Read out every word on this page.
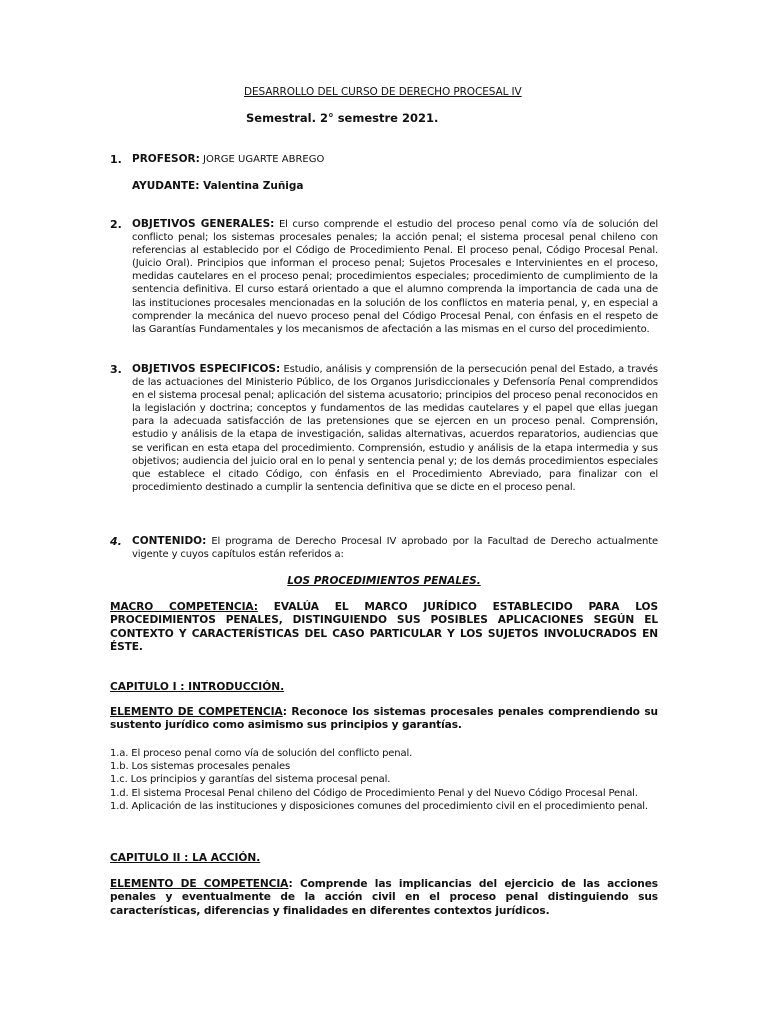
DESARROLLO DEL CURSO DE DERECHO PROCESAL IV
Semestral. 2° semestre 2021.
1. PROFESOR: JORGE UGARTE ABREGO
AYUDANTE: Valentina Zuñiga
2. OBJETIVOS GENERALES: El curso comprende el estudio del proceso penal como vía de solución del conflicto penal; los sistemas procesales penales; la acción penal; el sistema procesal penal chileno con referencias al establecido por el Código de Procedimiento Penal. El proceso penal, Código Procesal Penal. (Juicio Oral). Principios que informan el proceso penal; Sujetos Procesales e Intervinientes en el proceso, medidas cautelares en el proceso penal; procedimientos especiales; procedimiento de cumplimiento de la sentencia definitiva. El curso estará orientado a que el alumno comprenda la importancia de cada una de las instituciones procesales mencionadas en la solución de los conflictos en materia penal, y, en especial a comprender la mecánica del nuevo proceso penal del Código Procesal Penal, con énfasis en el respeto de las Garantías Fundamentales y los mecanismos de afectación a las mismas en el curso del procedimiento.
3. OBJETIVOS ESPECIFICOS: Estudio, análisis y comprensión de la persecución penal del Estado, a través de las actuaciones del Ministerio Público, de los Organos Jurisdiccionales y Defensoría Penal comprendidos en el sistema procesal penal; aplicación del sistema acusatorio; principios del proceso penal reconocidos en la legislación y doctrina; conceptos y fundamentos de las medidas cautelares y el papel que ellas juegan para la adecuada satisfacción de las pretensiones que se ejercen en un proceso penal. Comprensión, estudio y análisis de la etapa de investigación, salidas alternativas, acuerdos reparatorios, audiencias que se verifican en esta etapa del procedimiento. Comprensión, estudio y análisis de la etapa intermedia y sus objetivos; audiencia del juicio oral en lo penal y sentencia penal y; de los demás procedimientos especiales que establece el citado Código, con énfasis en el Procedimiento Abreviado, para finalizar con el procedimiento destinado a cumplir la sentencia definitiva que se dicte en el proceso penal.
4. CONTENIDO: El programa de Derecho Procesal IV aprobado por la Facultad de Derecho actualmente vigente y cuyos capítulos están referidos a:
LOS PROCEDIMIENTOS PENALES.
MACRO COMPETENCIA: EVALÚA EL MARCO JURÍDICO ESTABLECIDO PARA LOS PROCEDIMIENTOS PENALES, DISTINGUIENDO SUS POSIBLES APLICACIONES SEGÚN EL CONTEXTO Y CARACTERÍSTICAS DEL CASO PARTICULAR Y LOS SUJETOS INVOLUCRADOS EN ÉSTE.
CAPITULO I : INTRODUCCIÓN.
ELEMENTO DE COMPETENCIA: Reconoce los sistemas procesales penales comprendiendo su sustento jurídico como asimismo sus principios y garantías.
1.a. El proceso penal como vía de solución del conflicto penal.
1.b. Los sistemas procesales penales
1.c. Los principios y garantías del sistema procesal penal.
1.d. El sistema Procesal Penal chileno del Código de Procedimiento Penal y del Nuevo Código Procesal Penal.
1.d. Aplicación de las instituciones y disposiciones comunes del procedimiento civil en el procedimiento penal.
CAPITULO II : LA ACCIÓN.
ELEMENTO DE COMPETENCIA: Comprende las implicancias del ejercicio de las acciones penales y eventualmente de la acción civil en el proceso penal distinguiendo sus características, diferencias y finalidades en diferentes contextos jurídicos.
